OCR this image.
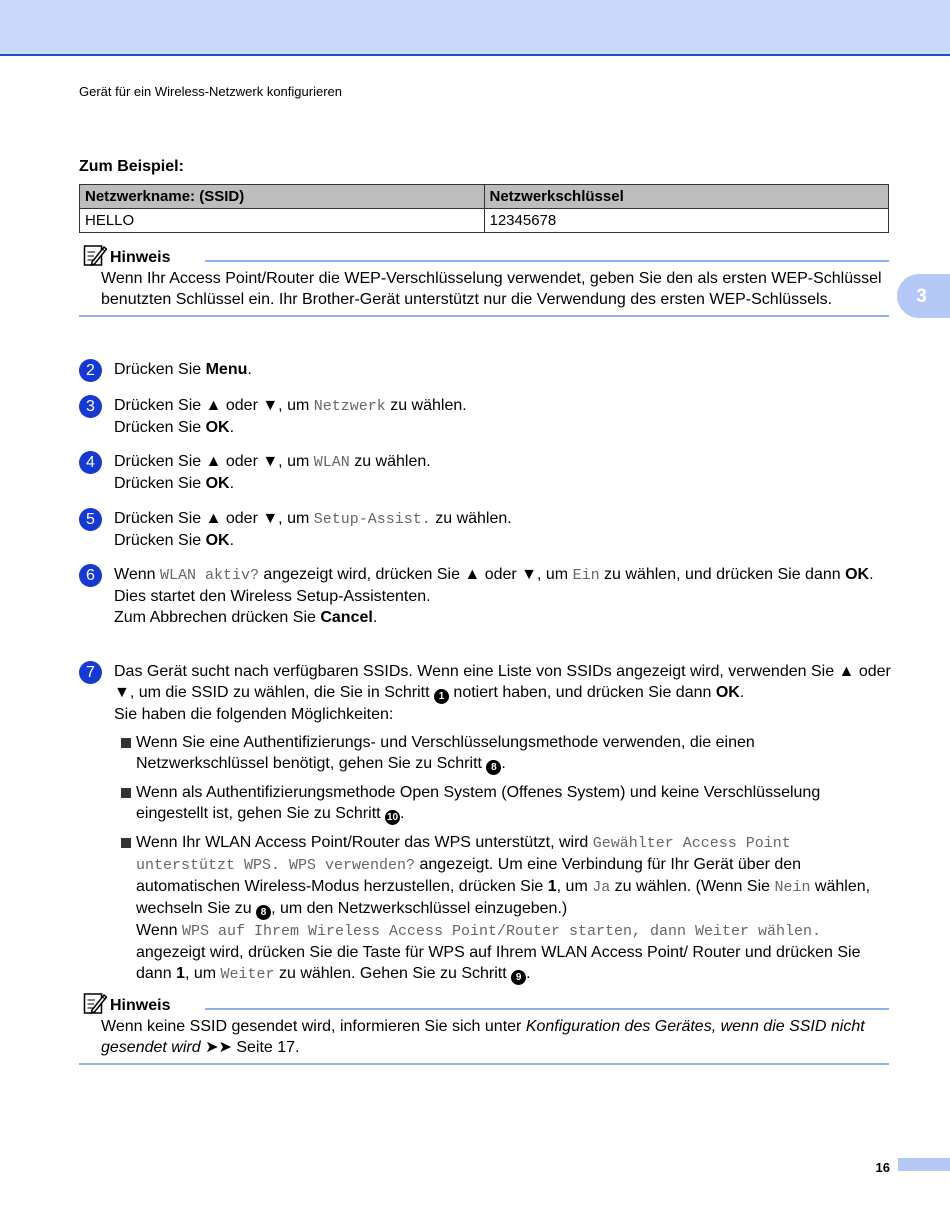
Gerät für ein Wireless-Netzwerk konfigurieren
3
Zum Beispiel:
Netzwerkname: (SSID)	Netzwerkschlüssel
HELLO	12345678
Hinweis
Wenn Ihr Access Point/Router die WEP-Verschlüsselung verwendet, geben Sie den als ersten WEP-Schlüssel benutzten Schlüssel ein. Ihr Brother-Gerät unterstützt nur die Verwendung des ersten WEP-Schlüssels.
2	Drücken Sie Menu.
3	Drücken Sie ▲ oder ▼, um Netzwerk zu wählen.
Drücken Sie OK.
4	Drücken Sie ▲ oder ▼, um WLAN zu wählen.
Drücken Sie OK.
5	Drücken Sie ▲ oder ▼, um Setup-Assist. zu wählen.
Drücken Sie OK.
6	Wenn WLAN aktiv? angezeigt wird, drücken Sie ▲ oder ▼, um Ein zu wählen, und drücken Sie dann OK.
Dies startet den Wireless Setup-Assistenten.
Zum Abbrechen drücken Sie Cancel.
7	Das Gerät sucht nach verfügbaren SSIDs. Wenn eine Liste von SSIDs angezeigt wird, verwenden Sie ▲ oder ▼, um die SSID zu wählen, die Sie in Schritt 1 notiert haben, und drücken Sie dann OK.
Sie haben die folgenden Möglichkeiten:
Wenn Sie eine Authentifizierungs- und Verschlüsselungsmethode verwenden, die einen Netzwerkschlüssel benötigt, gehen Sie zu Schritt 8 .
Wenn als Authentifizierungsmethode Open System (Offenes System) und keine Verschlüsselung eingestellt ist, gehen Sie zu Schritt 10 .
Wenn Ihr WLAN Access Point/Router das WPS unterstützt, wird Gewählter Access Point unterstützt WPS. WPS verwenden? angezeigt. Um eine Verbindung für Ihr Gerät über den automatischen Wireless-Modus herzustellen, drücken Sie 1, um Ja zu wählen. (Wenn Sie Nein wählen, wechseln Sie zu 8 , um den Netzwerkschlüssel einzugeben.)
Wenn WPS auf Ihrem Wireless Access Point/Router starten, dann Weiter wählen. angezeigt wird, drücken Sie die Taste für WPS auf Ihrem WLAN Access Point/ Router und drücken Sie dann 1, um Weiter zu wählen. Gehen Sie zu Schritt 9 .
Hinweis
Wenn keine SSID gesendet wird, informieren Sie sich unter Konfiguration des Gerätes, wenn die SSID nicht gesendet wird ➤➤ Seite 17.
16
